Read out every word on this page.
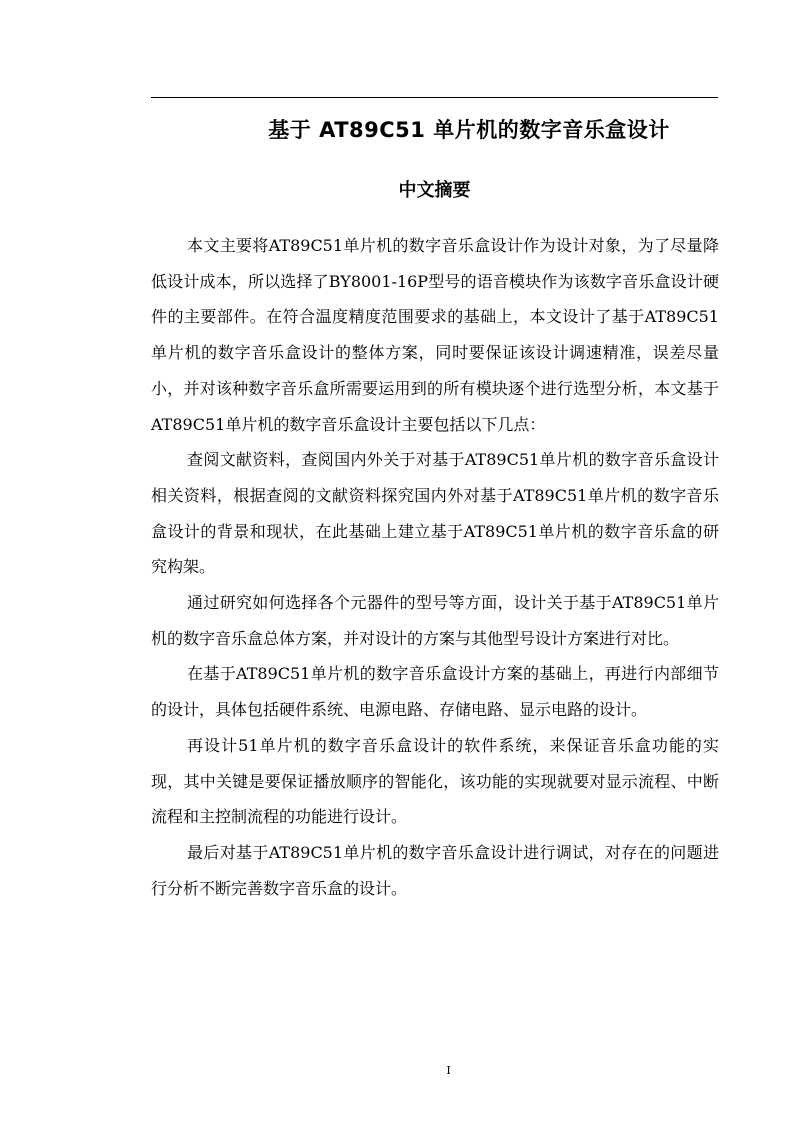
基于 AT89C51 单片机的数字音乐盒设计
中文摘要

本文主要将AT89C51单片机的数字音乐盒设计作为设计对象，为了尽量降低设计成本，所以选择了BY8001-16P型号的语音模块作为该数字音乐盒设计硬件的主要部件。在符合温度精度范围要求的基础上，本文设计了基于AT89C51单片机的数字音乐盒设计的整体方案，同时要保证该设计调速精准，误差尽量小，并对该种数字音乐盒所需要运用到的所有模块逐个进行选型分析，本文基于AT89C51单片机的数字音乐盒设计主要包括以下几点：

查阅文献资料，查阅国内外关于对基于AT89C51单片机的数字音乐盒设计相关资料，根据查阅的文献资料探究国内外对基于AT89C51单片机的数字音乐盒设计的背景和现状，在此基础上建立基于AT89C51单片机的数字音乐盒的研究构架。

通过研究如何选择各个元器件的型号等方面，设计关于基于AT89C51单片机的数字音乐盒总体方案，并对设计的方案与其他型号设计方案进行对比。

在基于AT89C51单片机的数字音乐盒设计方案的基础上，再进行内部细节的设计，具体包括硬件系统、电源电路、存储电路、显示电路的设计。

再设计51单片机的数字音乐盒设计的软件系统，来保证音乐盒功能的实现，其中关键是要保证播放顺序的智能化，该功能的实现就要对显示流程、中断流程和主控制流程的功能进行设计。

最后对基于AT89C51单片机的数字音乐盒设计进行调试，对存在的问题进行分析不断完善数字音乐盒的设计。

I
